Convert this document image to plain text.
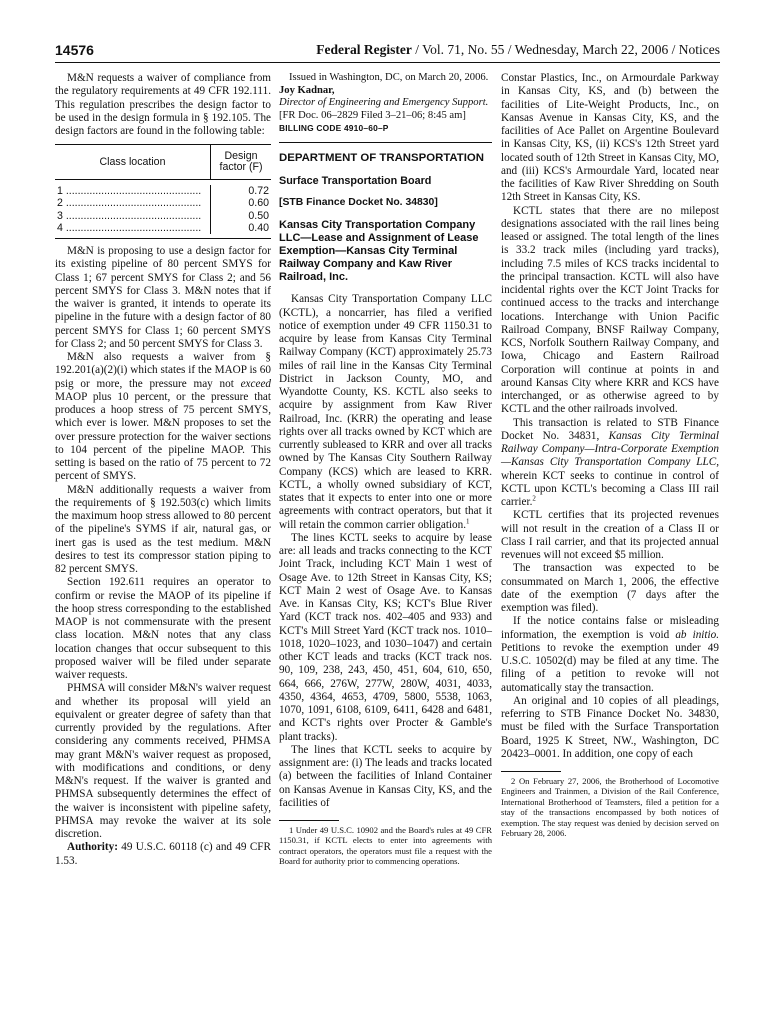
14576	Federal Register / Vol. 71, No. 55 / Wednesday, March 22, 2006 / Notices

M&N requests a waiver of compliance from the regulatory requirements at 49 CFR 192.111. This regulation prescribes the design factor to be used in the design formula in § 192.105. The design factors are found in the following table:

Class location	Design factor (F)
1 ..............................................	0.72
2 ..............................................	0.60
3 ..............................................	0.50
4 ..............................................	0.40

M&N is proposing to use a design factor for its existing pipeline of 80 percent SMYS for Class 1; 67 percent SMYS for Class 2; and 56 percent SMYS for Class 3. M&N notes that if the waiver is granted, it intends to operate its pipeline in the future with a design factor of 80 percent SMYS for Class 1; 60 percent SMYS for Class 2; and 50 percent SMYS for Class 3.

M&N also requests a waiver from § 192.201(a)(2)(i) which states if the MAOP is 60 psig or more, the pressure may not exceed MAOP plus 10 percent, or the pressure that produces a hoop stress of 75 percent SMYS, which ever is lower. M&N proposes to set the over pressure protection for the waiver sections to 104 percent of the pipeline MAOP. This setting is based on the ratio of 75 percent to 72 percent of SMYS.

M&N additionally requests a waiver from the requirements of § 192.503(c) which limits the maximum hoop stress allowed to 80 percent of the pipeline's SYMS if air, natural gas, or inert gas is used as the test medium. M&N desires to test its compressor station piping to 82 percent SMYS.

Section 192.611 requires an operator to confirm or revise the MAOP of its pipeline if the hoop stress corresponding to the established MAOP is not commensurate with the present class location. M&N notes that any class location changes that occur subsequent to this proposed waiver will be filed under separate waiver requests.

PHMSA will consider M&N's waiver request and whether its proposal will yield an equivalent or greater degree of safety than that currently provided by the regulations. After considering any comments received, PHMSA may grant M&N's waiver request as proposed, with modifications and conditions, or deny M&N's request. If the waiver is granted and PHMSA subsequently determines the effect of the waiver is inconsistent with pipeline safety, PHMSA may revoke the waiver at its sole discretion.

Authority: 49 U.S.C. 60118 (c) and 49 CFR 1.53.

Issued in Washington, DC, on March 20, 2006.

Joy Kadnar,

Director of Engineering and Emergency Support.

[FR Doc. 06–2829 Filed 3–21–06; 8:45 am]

BILLING CODE 4910–60–P

DEPARTMENT OF TRANSPORTATION

Surface Transportation Board

[STB Finance Docket No. 34830]

Kansas City Transportation Company LLC—Lease and Assignment of Lease Exemption—Kansas City Terminal Railway Company and Kaw River Railroad, Inc.

Kansas City Transportation Company LLC (KCTL), a noncarrier, has filed a verified notice of exemption under 49 CFR 1150.31 to acquire by lease from Kansas City Terminal Railway Company (KCT) approximately 25.73 miles of rail line in the Kansas City Terminal District in Jackson County, MO, and Wyandotte County, KS. KCTL also seeks to acquire by assignment from Kaw River Railroad, Inc. (KRR) the operating and lease rights over all tracks owned by KCT which are currently subleased to KRR and over all tracks owned by The Kansas City Southern Railway Company (KCS) which are leased to KRR. KCTL, a wholly owned subsidiary of KCT, states that it expects to enter into one or more agreements with contract operators, but that it will retain the common carrier obligation.$^1$

The lines KCTL seeks to acquire by lease are: all leads and tracks connecting to the KCT Joint Track, including KCT Main 1 west of Osage Ave. to 12th Street in Kansas City, KS; KCT Main 2 west of Osage Ave. to Kansas Ave. in Kansas City, KS; KCT's Blue River Yard (KCT track nos. 402–405 and 933) and KCT's Mill Street Yard (KCT track nos. 1010–1018, 1020–1023, and 1030–1047) and certain other KCT leads and tracks (KCT track nos. 90, 109, 238, 243, 450, 451, 604, 610, 650, 664, 666, 276W, 277W, 280W, 4031, 4033, 4350, 4364, 4653, 4709, 5800, 5538, 1063, 1070, 1091, 6108, 6109, 6411, 6428 and 6481, and KCT's rights over Procter & Gamble's plant tracks).

The lines that KCTL seeks to acquire by assignment are: (i) The leads and tracks located (a) between the facilities of Inland Container on Kansas Avenue in Kansas City, KS, and the facilities of

1 Under 49 U.S.C. 10902 and the Board's rules at 49 CFR 1150.31, if KCTL elects to enter into agreements with contract operators, the operators must file a request with the Board for authority prior to commencing operations.

Constar Plastics, Inc., on Armourdale Parkway in Kansas City, KS, and (b) between the facilities of Lite-Weight Products, Inc., on Kansas Avenue in Kansas City, KS, and the facilities of Ace Pallet on Argentine Boulevard in Kansas City, KS, (ii) KCS's 12th Street yard located south of 12th Street in Kansas City, MO, and (iii) KCS's Armourdale Yard, located near the facilities of Kaw River Shredding on South 12th Street in Kansas City, KS.

KCTL states that there are no milepost designations associated with the rail lines being leased or assigned. The total length of the lines is 33.2 track miles (including yard tracks), including 7.5 miles of KCS tracks incidental to the principal transaction. KCTL will also have incidental rights over the KCT Joint Tracks for continued access to the tracks and interchange locations. Interchange with Union Pacific Railroad Company, BNSF Railway Company, KCS, Norfolk Southern Railway Company, and Iowa, Chicago and Eastern Railroad Corporation will continue at points in and around Kansas City where KRR and KCS have interchanged, or as otherwise agreed to by KCTL and the other railroads involved.

This transaction is related to STB Finance Docket No. 34831, Kansas City Terminal Railway Company—Intra-Corporate Exemption—Kansas City Transportation Company LLC, wherein KCT seeks to continue in control of KCTL upon KCTL's becoming a Class III rail carrier.$^2$

KCTL certifies that its projected revenues will not result in the creation of a Class II or Class I rail carrier, and that its projected annual revenues will not exceed $5 million.

The transaction was expected to be consummated on March 1, 2006, the effective date of the exemption (7 days after the exemption was filed).

If the notice contains false or misleading information, the exemption is void ab initio. Petitions to revoke the exemption under 49 U.S.C. 10502(d) may be filed at any time. The filing of a petition to revoke will not automatically stay the transaction.

An original and 10 copies of all pleadings, referring to STB Finance Docket No. 34830, must be filed with the Surface Transportation Board, 1925 K Street, NW., Washington, DC 20423–0001. In addition, one copy of each

2 On February 27, 2006, the Brotherhood of Locomotive Engineers and Trainmen, a Division of the Rail Conference, International Brotherhood of Teamsters, filed a petition for a stay of the transactions encompassed by both notices of exemption. The stay request was denied by decision served on February 28, 2006.
